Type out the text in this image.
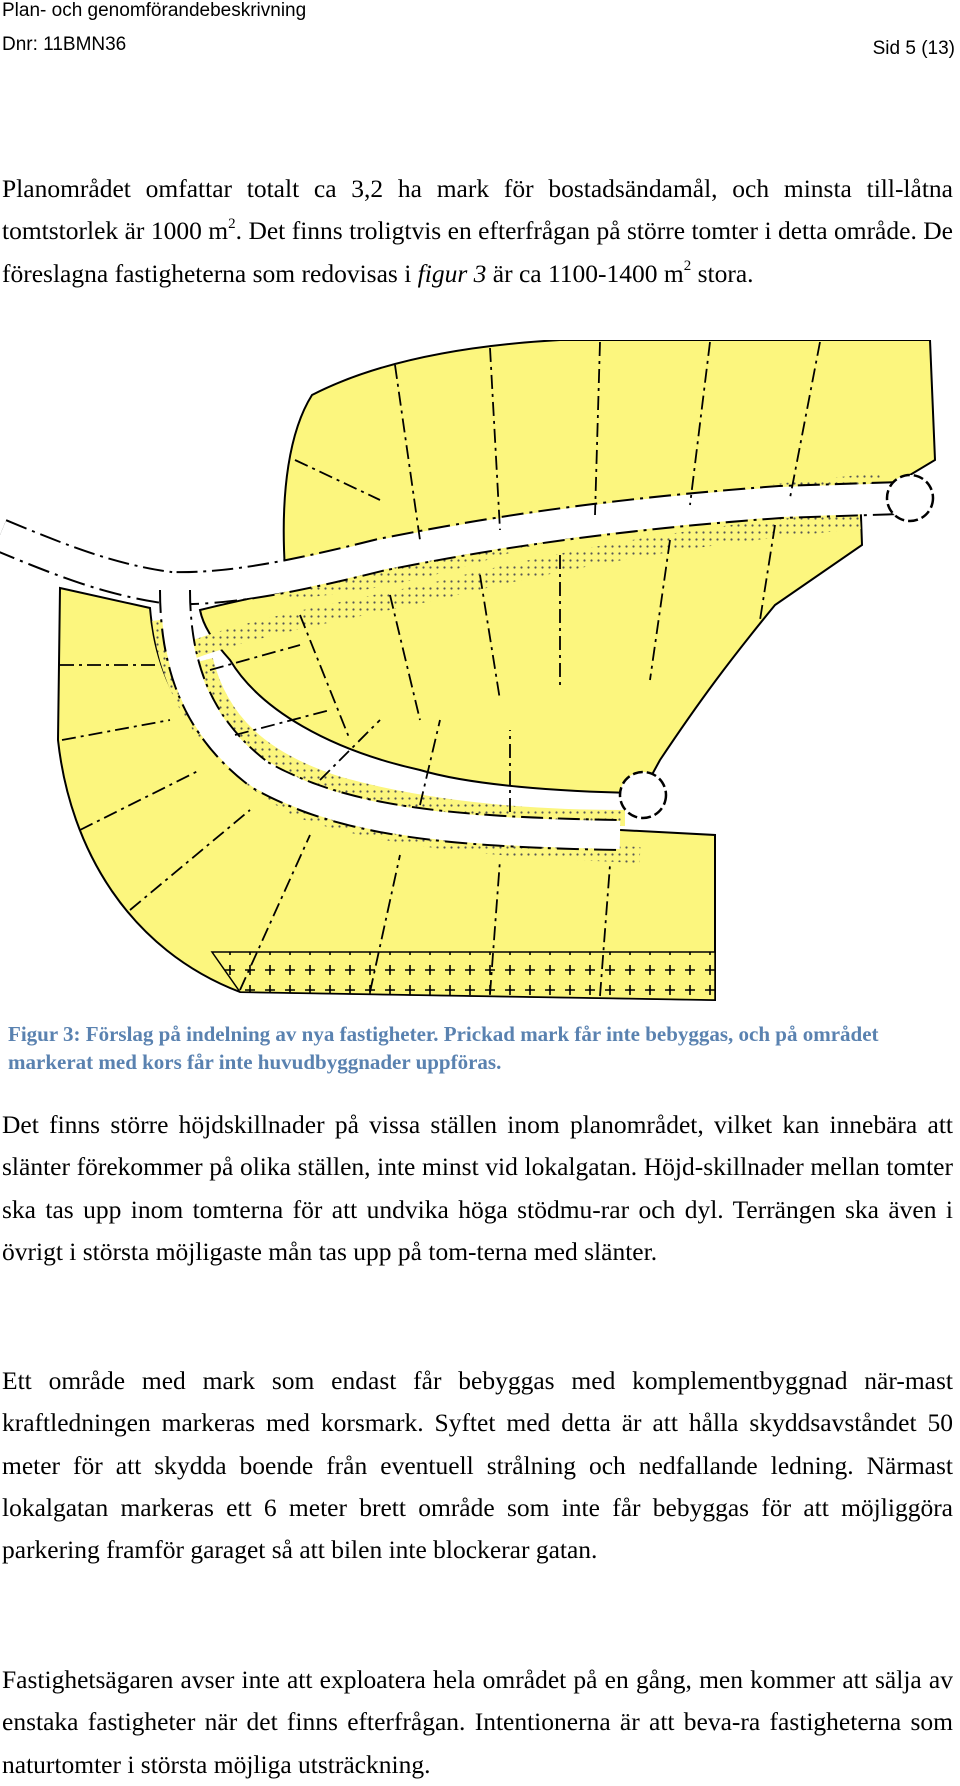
Plan- och genomförandebeskrivning
Dnr: 11BMN36	Sid 5 (13)

Planområdet omfattar totalt ca 3,2 ha mark för bostadsändamål, och minsta till-låtna tomtstorlek är 1000 $m^2$. Det finns troligtvis en efterfrågan på större tomter i detta område. De föreslagna fastigheterna som redovisas i figur 3 är ca 1100-1400 $m^2$ stora.

Figur 3: Förslag på indelning av nya fastigheter. Prickad mark får inte bebyggas, och på området markerat med kors får inte huvudbyggnader uppföras.

Det finns större höjdskillnader på vissa ställen inom planområdet, vilket kan innebära att slänter förekommer på olika ställen, inte minst vid lokalgatan. Höjd-skillnader mellan tomter ska tas upp inom tomterna för att undvika höga stödmu-rar och dyl. Terrängen ska även i övrigt i största möjligaste mån tas upp på tom-terna med slänter.

Ett område med mark som endast får bebyggas med komplementbyggnad när-mast kraftledningen markeras med korsmark. Syftet med detta är att hålla skyddsavståndet 50 meter för att skydda boende från eventuell strålning och nedfallande ledning. Närmast lokalgatan markeras ett 6 meter brett område som inte får bebyggas för att möjliggöra parkering framför garaget så att bilen inte blockerar gatan.

Fastighetsägaren avser inte att exploatera hela området på en gång, men kommer att sälja av enstaka fastigheter när det finns efterfrågan. Intentionerna är att beva-ra fastigheterna som naturtomter i största möjliga utsträckning.
